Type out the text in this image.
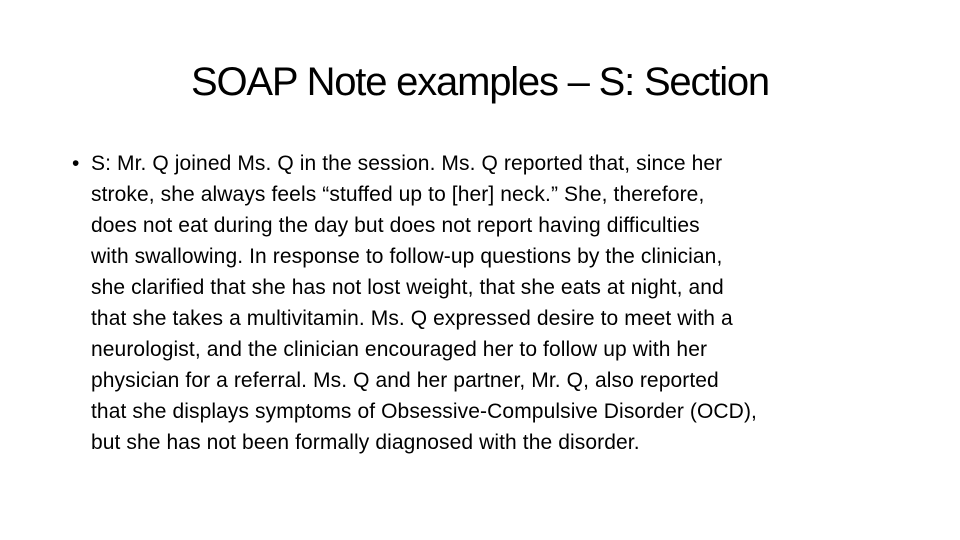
SOAP Note examples – S: Section
• S: Mr. Q joined Ms. Q in the session. Ms. Q reported that, since her
stroke, she always feels “stuffed up to [her] neck.” She, therefore,
does not eat during the day but does not report having difficulties
with swallowing. In response to follow-up questions by the clinician,
she clarified that she has not lost weight, that she eats at night, and
that she takes a multivitamin. Ms. Q expressed desire to meet with a
neurologist, and the clinician encouraged her to follow up with her
physician for a referral. Ms. Q and her partner, Mr. Q, also reported
that she displays symptoms of Obsessive-Compulsive Disorder (OCD),
but she has not been formally diagnosed with the disorder.
